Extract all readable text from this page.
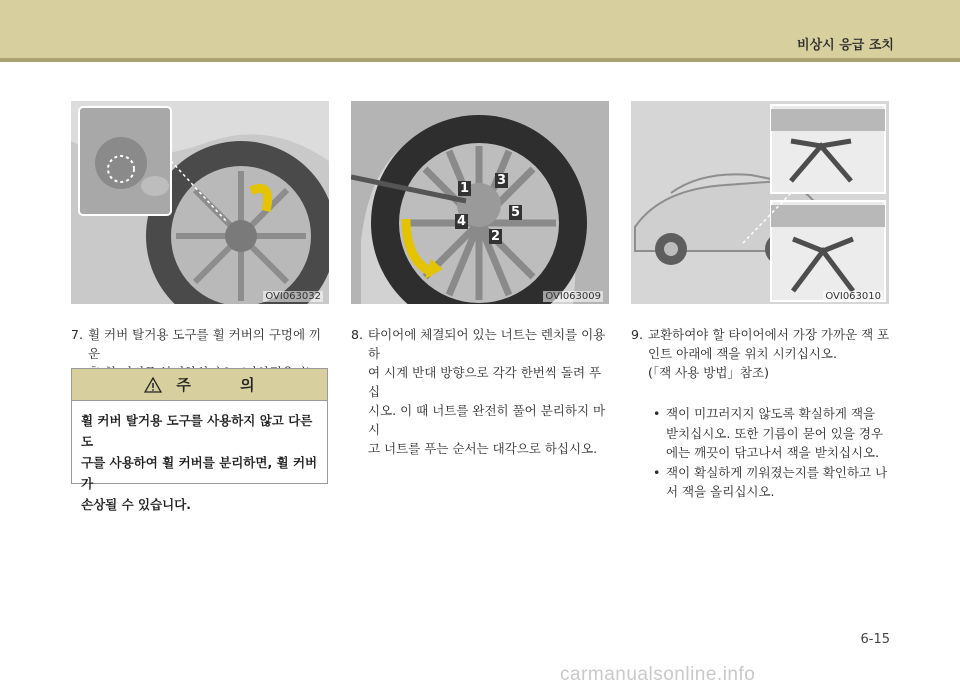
비상시 응급 조치
OVI063032	OVI063009
1
2
3
4
5
OVI063010
7. 휠 커버 탈거용 도구를 휠 커버의 구멍에 끼운
주 의
휠 커버 탈거용 도구를 사용하지 않고 다른 도
구를 사용하여 휠 커버를 분리하면, 휠 커버가
손상될 수 있습니다.
8. 타이어에 체결되어 있는 너트는 렌치를 이용하
여 시계 반대 방향으로 각각 한번씩 돌려 푸십
시오. 이 때 너트를 완전히 풀어 분리하지 마시
고 너트를 푸는 순서는 대각으로 하십시오.
9. 교환하여야 할 타이어에서 가장 가까운 잭 포
인트 아래에 잭을 위치 시키십시오.
(「잭 사용 방법」참조)
• 잭이 미끄러지지 않도록 확실하게 잭을
받치십시오. 또한 기름이 묻어 있을 경우
에는 깨끗이 닦고나서 잭을 받치십시오.
• 잭이 확실하게 끼워졌는지를 확인하고 나
서 잭을 올리십시오.
6-15
carmanualsonline.info
